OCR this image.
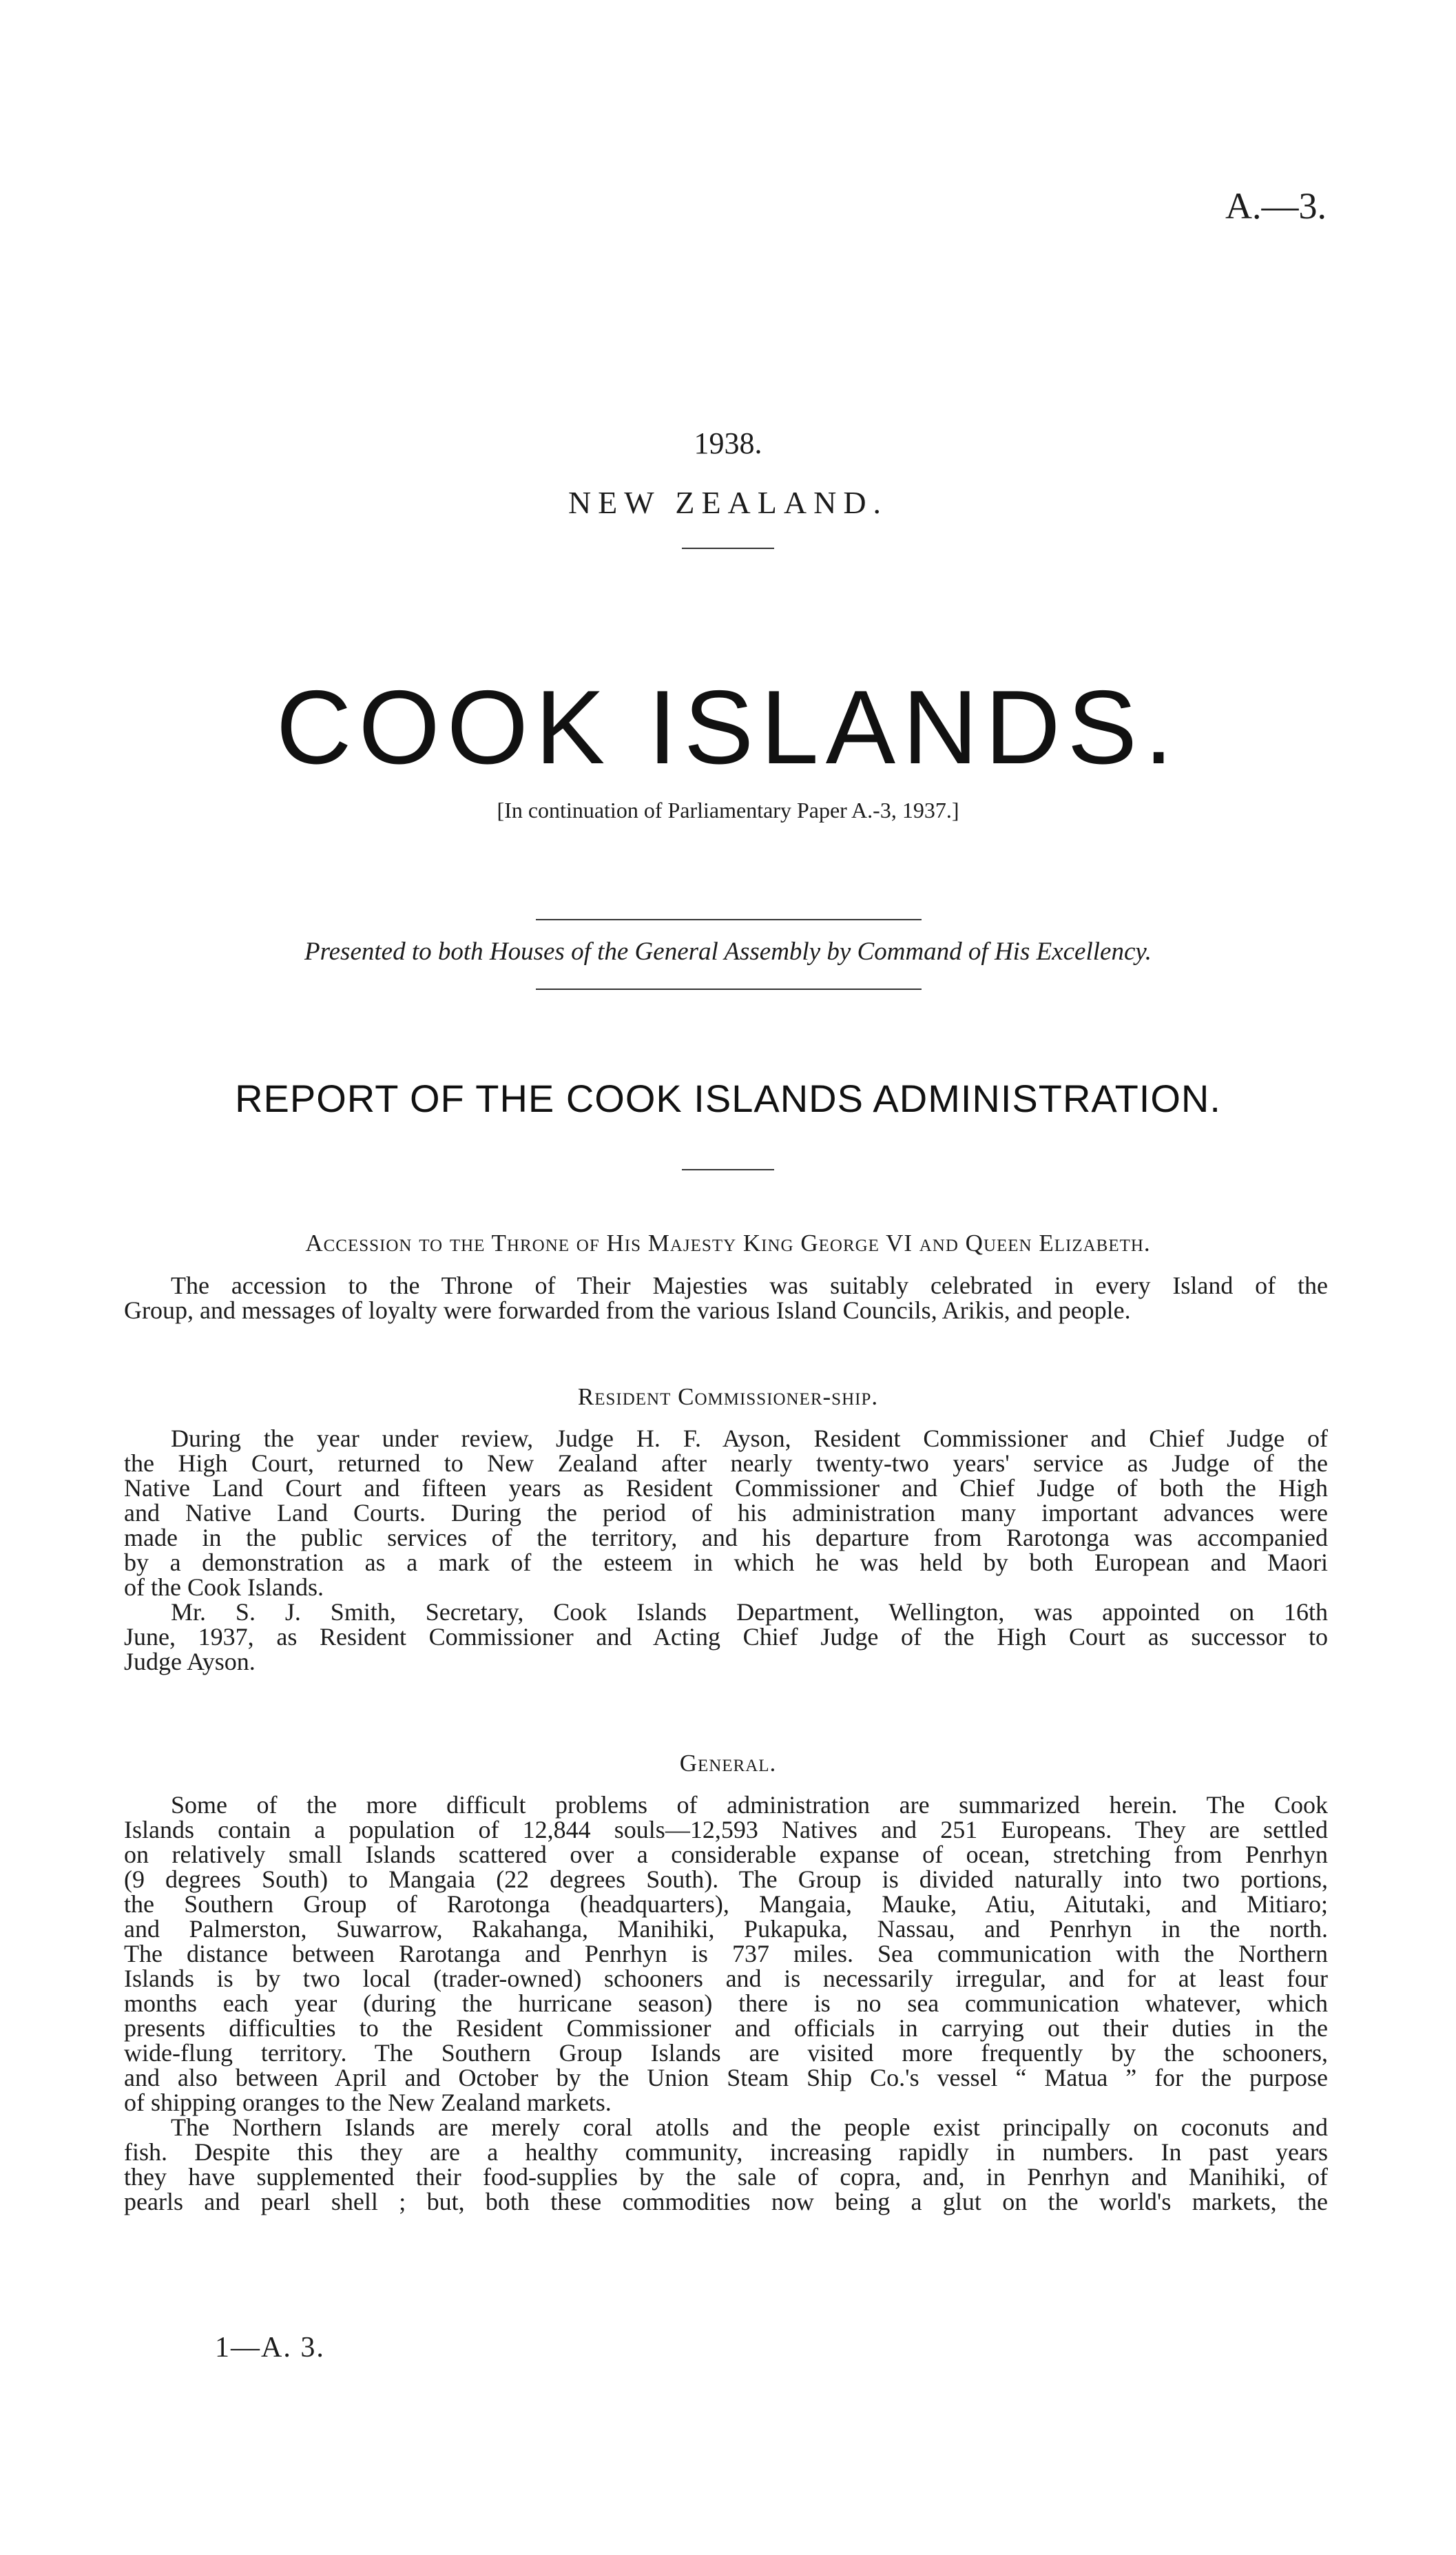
A.—3.
1938.
NEW ZEALAND.
COOK ISLANDS.
[In continuation of Parliamentary Paper A.-3, 1937.]
Presented to both Houses of the General Assembly by Command of His Excellency.
REPORT OF THE COOK ISLANDS ADMINISTRATION.
Accession to the Throne of His Majesty King George VI and Queen Elizabeth.
The accession to the Throne of Their Majesties was suitably celebrated in every Island of the
Group, and messages of loyalty were forwarded from the various Island Councils, Arikis, and people.
Resident Commissioner-ship.
During the year under review, Judge H. F. Ayson, Resident Commissioner and Chief Judge of
the High Court, returned to New Zealand after nearly twenty-two years' service as Judge of the
Native Land Court and fifteen years as Resident Commissioner and Chief Judge of both the High
and Native Land Courts. During the period of his administration many important advances were
made in the public services of the territory, and his departure from Rarotonga was accompanied
by a demonstration as a mark of the esteem in which he was held by both European and Maori
of the Cook Islands.
Mr. S. J. Smith, Secretary, Cook Islands Department, Wellington, was appointed on 16th
June, 1937, as Resident Commissioner and Acting Chief Judge of the High Court as successor to
Judge Ayson.
General.
Some of the more difficult problems of administration are summarized herein. The Cook
Islands contain a population of 12,844 souls—12,593 Natives and 251 Europeans. They are settled
on relatively small Islands scattered over a considerable expanse of ocean, stretching from Penrhyn
(9 degrees South) to Mangaia (22 degrees South). The Group is divided naturally into two portions,
the Southern Group of Rarotonga (headquarters), Mangaia, Mauke, Atiu, Aitutaki, and Mitiaro;
and Palmerston, Suwarrow, Rakahanga, Manihiki, Pukapuka, Nassau, and Penrhyn in the north.
The distance between Rarotanga and Penrhyn is 737 miles. Sea communication with the Northern
Islands is by two local (trader-owned) schooners and is necessarily irregular, and for at least four
months each year (during the hurricane season) there is no sea communication whatever, which
presents difficulties to the Resident Commissioner and officials in carrying out their duties in the
wide-flung territory. The Southern Group Islands are visited more frequently by the schooners,
and also between April and October by the Union Steam Ship Co.'s vessel “ Matua ” for the purpose
of shipping oranges to the New Zealand markets.
The Northern Islands are merely coral atolls and the people exist principally on coconuts and
fish. Despite this they are a healthy community, increasing rapidly in numbers. In past years
they have supplemented their food-supplies by the sale of copra, and, in Penrhyn and Manihiki, of
pearls and pearl shell ; but, both these commodities now being a glut on the world's markets, the
1—A. 3.
